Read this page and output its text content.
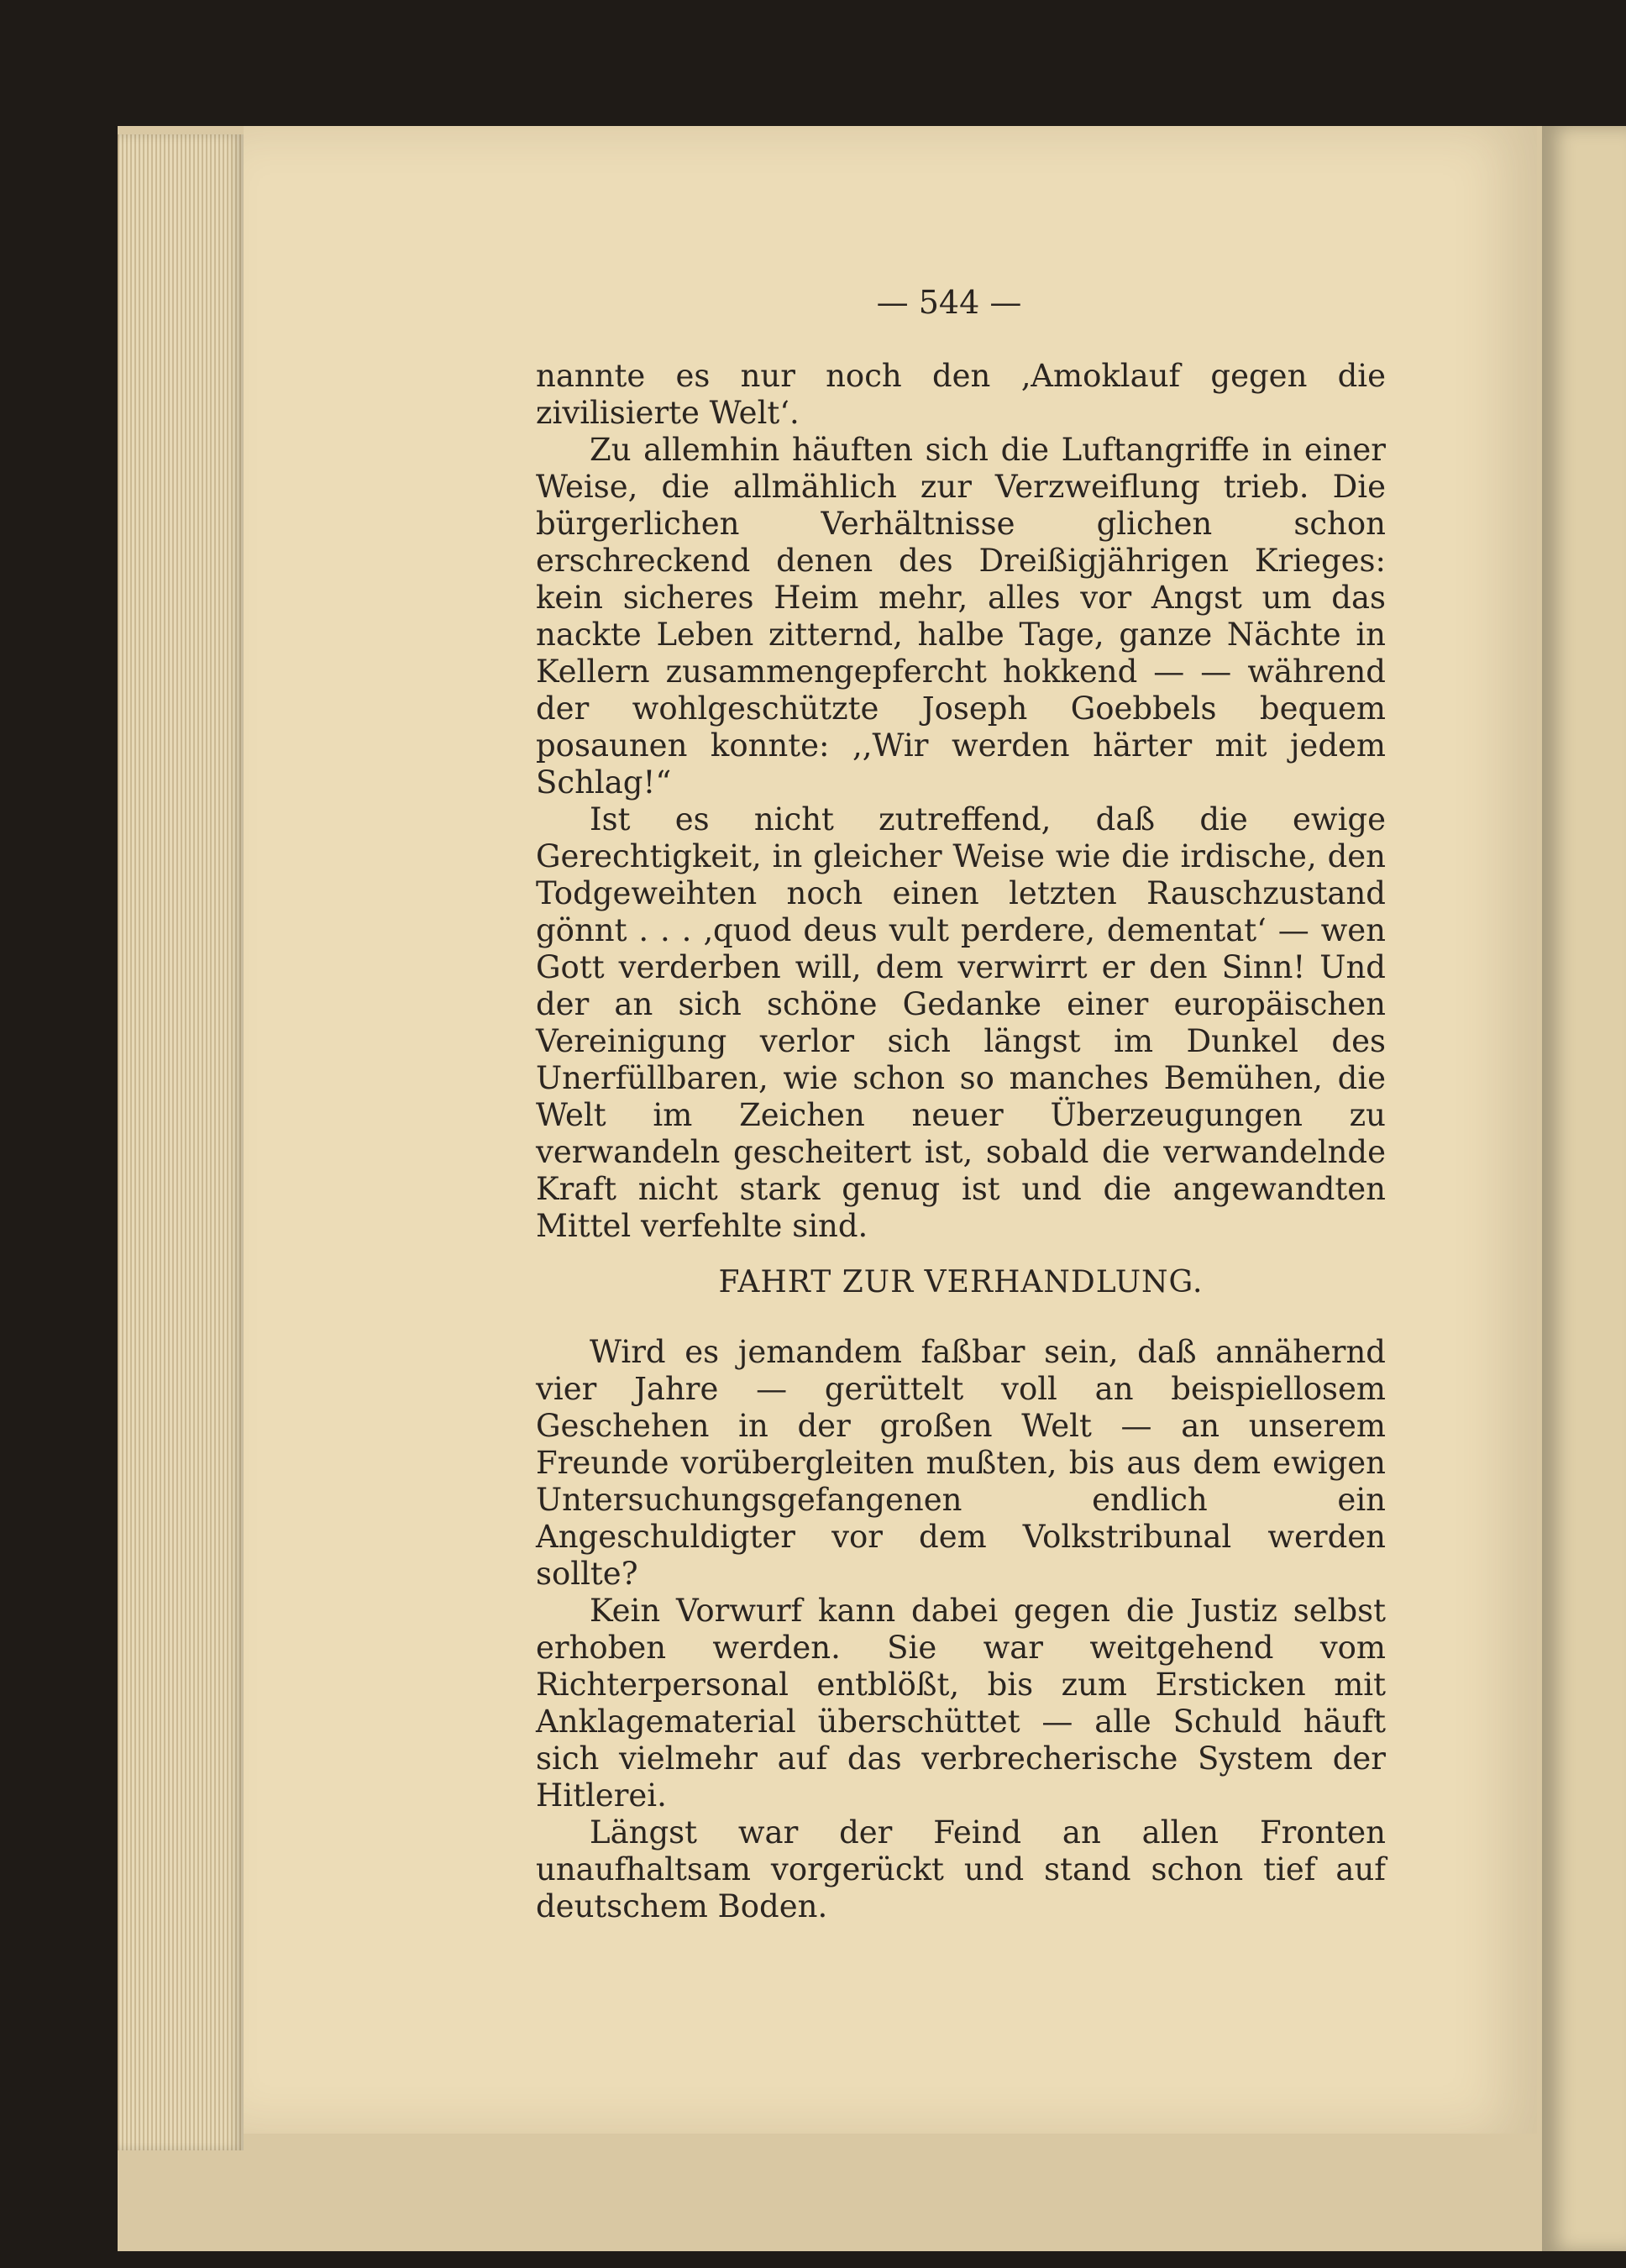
— 544 —

nannte es nur noch den ‚Amoklauf gegen die zivilisierte Welt‘.

Zu allemhin häuften sich die Luftangriffe in einer Weise, die allmählich zur Verzweiflung trieb. Die bürgerlichen Verhältnisse glichen schon erschreckend denen des Dreißigjährigen Krieges: kein sicheres Heim mehr, alles vor Angst um das nackte Leben zitternd, halbe Tage, ganze Nächte in Kellern zusammengepfercht hokkend — — während der wohlgeschützte Joseph Goebbels bequem posaunen konnte: ,,Wir werden härter mit jedem Schlag!“

Ist es nicht zutreffend, daß die ewige Gerechtigkeit, in gleicher Weise wie die irdische, den Todgeweihten noch einen letzten Rauschzustand gönnt . . . ‚quod deus vult perdere, dementat‘ — wen Gott verderben will, dem verwirrt er den Sinn! Und der an sich schöne Gedanke einer europäischen Vereinigung verlor sich längst im Dunkel des Unerfüllbaren, wie schon so manches Bemühen, die Welt im Zeichen neuer Überzeugungen zu verwandeln gescheitert ist, sobald die verwandelnde Kraft nicht stark genug ist und die angewandten Mittel verfehlte sind.

FAHRT ZUR VERHANDLUNG.

Wird es jemandem faßbar sein, daß annähernd vier Jahre — gerüttelt voll an beispiellosem Geschehen in der großen Welt — an unserem Freunde vorübergleiten mußten, bis aus dem ewigen Untersuchungsgefangenen endlich ein Angeschuldigter vor dem Volkstribunal werden sollte?

Kein Vorwurf kann dabei gegen die Justiz selbst erhoben werden. Sie war weitgehend vom Richterpersonal entblößt, bis zum Ersticken mit Anklagematerial überschüttet — alle Schuld häuft sich vielmehr auf das verbrecherische System der Hitlerei.

Längst war der Feind an allen Fronten unaufhaltsam vorgerückt und stand schon tief auf deutschem Boden.
